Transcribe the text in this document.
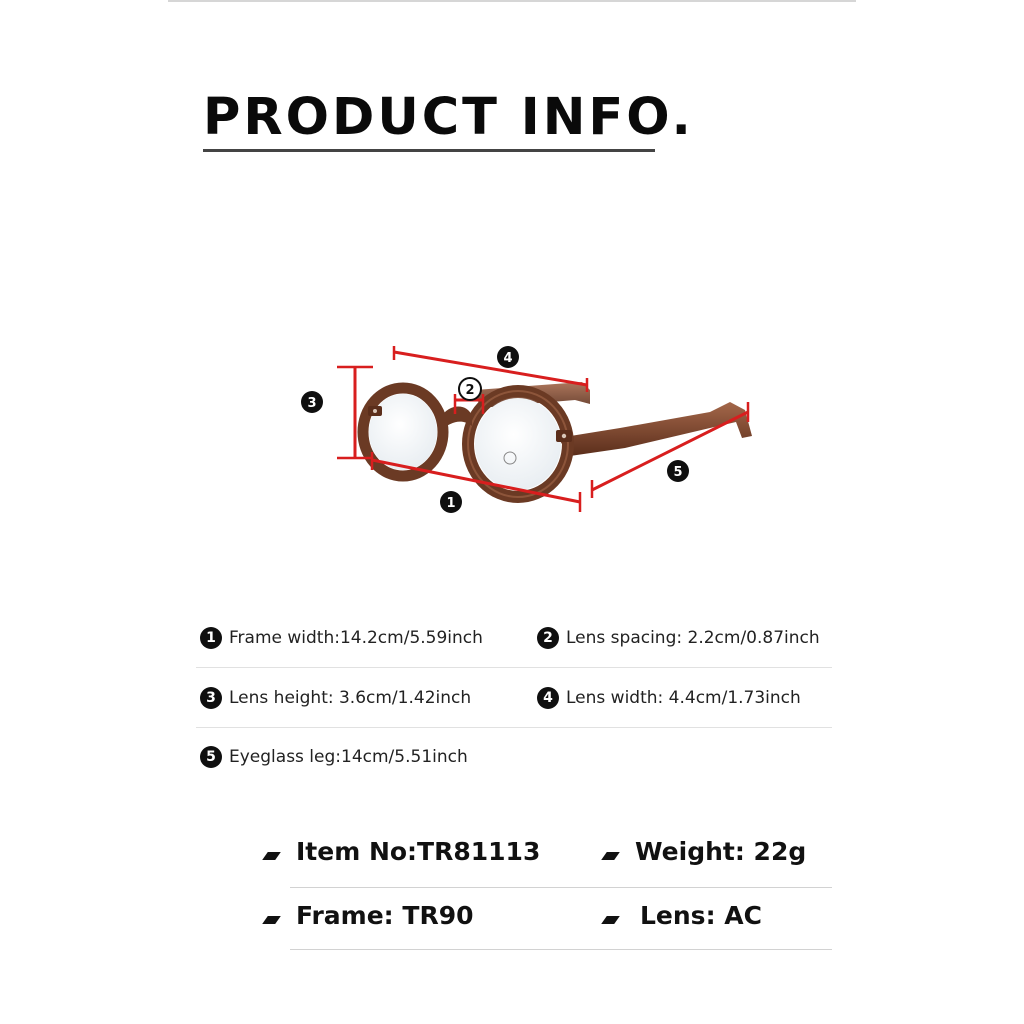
PRODUCT INFO.
3
4
2
1
5
1 Frame width:14.2cm/5.59inch	2 Lens spacing: 2.2cm/0.87inch
3 Lens height: 3.6cm/1.42inch	4 Lens width: 4.4cm/1.73inch
5 Eyeglass leg:14cm/5.51inch
Item No:TR81113	Weight: 22g
Frame: TR90	Lens: AC
